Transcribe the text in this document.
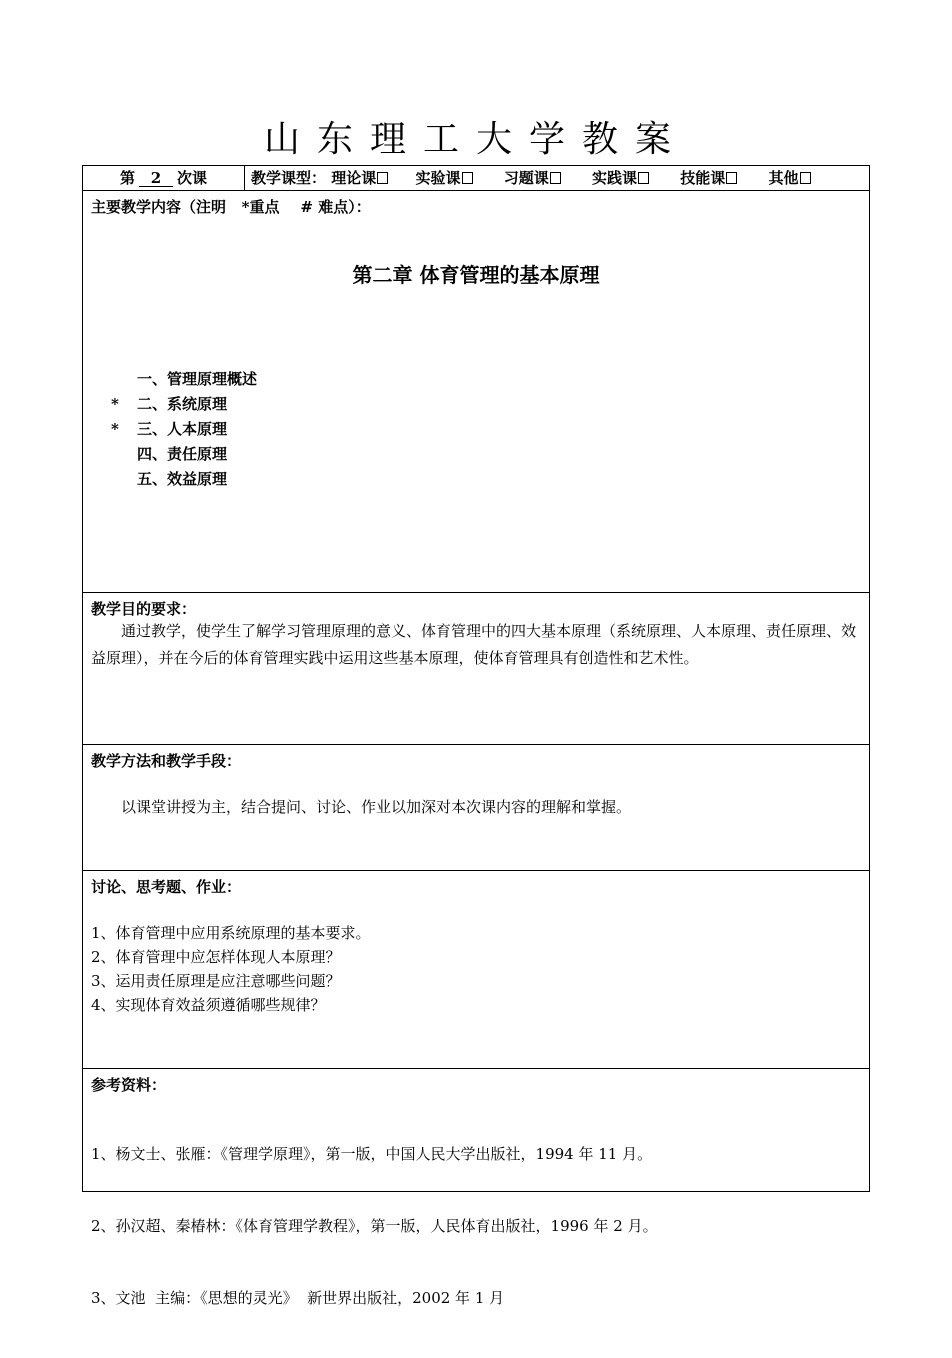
山东理工大学教案
第 2 次课	教学课型： 理论课	实验课	习题课	实践课	技能课	其他
主要教学内容（注明   *重点    # 难点）：
第二章 体育管理的基本原理
一、管理原理概述
* 二、系统原理
* 三、人本原理
四、责任原理
五、效益原理
教学目的要求：
通过教学，使学生了解学习管理原理的意义、体育管理中的四大基本原理（系统原理、人本原理、责任原理、效益原理），并在今后的体育管理实践中运用这些基本原理，使体育管理具有创造性和艺术性。
教学方法和教学手段：
以课堂讲授为主，结合提问、讨论、作业以加深对本次课内容的理解和掌握。
讨论、思考题、作业：
1、体育管理中应用系统原理的基本要求。
2、体育管理中应怎样体现人本原理？
3、运用责任原理是应注意哪些问题？
4、实现体育效益须遵循哪些规律？
参考资料：

1、杨文士、张雁：《管理学原理》，第一版，中国人民大学出版社，1994 年 11 月。

2、孙汉超、秦椿林：《体育管理学教程》，第一版，人民体育出版社，1996 年 2 月。

3、文池  主编：《思想的灵光》  新世界出版社，2002 年 1 月
